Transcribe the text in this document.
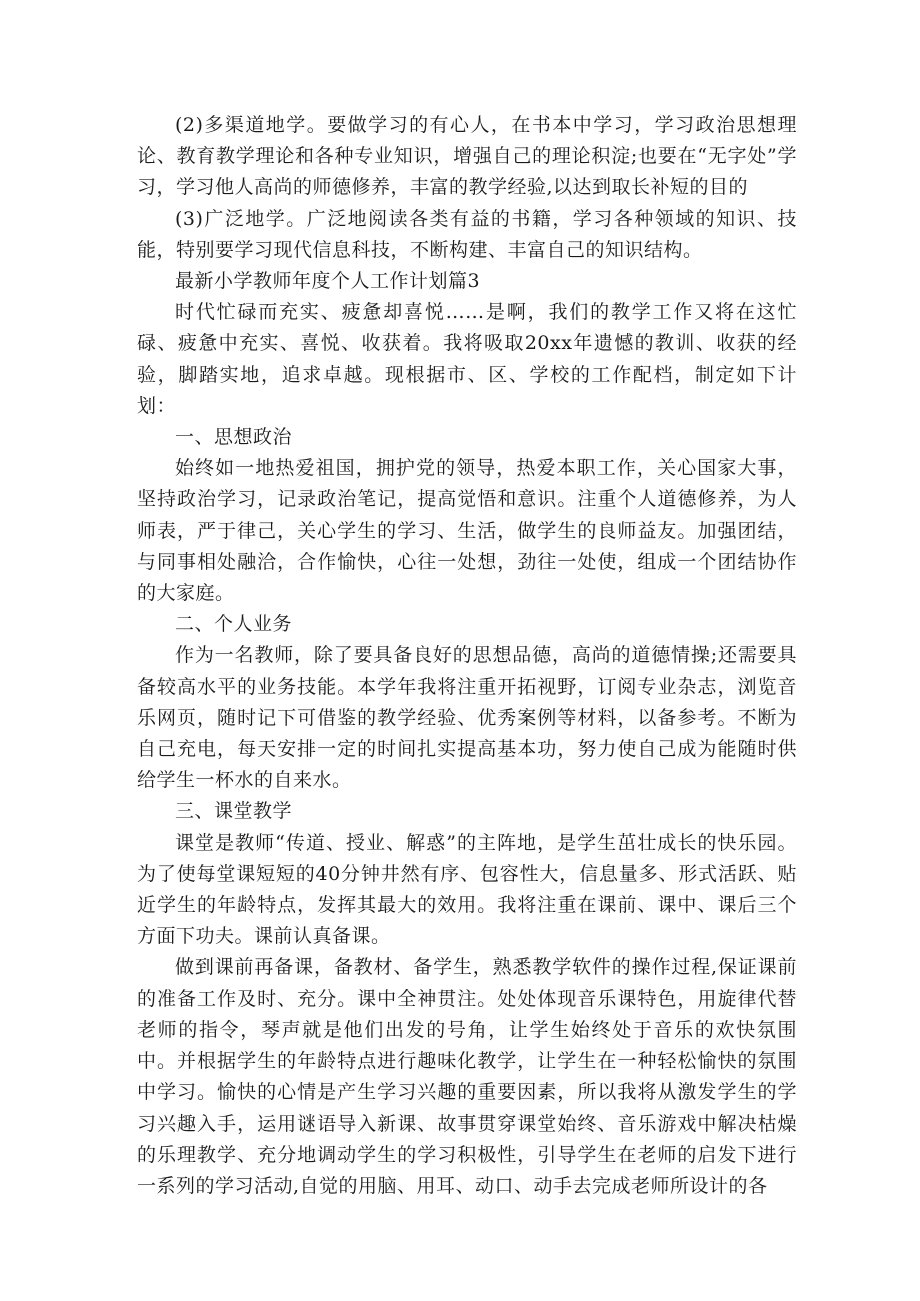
(2)多渠道地学。要做学习的有心人，在书本中学习，学习政治思想理论、教育教学理论和各种专业知识，增强自己的理论积淀;也要在“无字处”学习，学习他人高尚的师德修养，丰富的教学经验,以达到取长补短的目的

(3)广泛地学。广泛地阅读各类有益的书籍，学习各种领域的知识、技能，特别要学习现代信息科技，不断构建、丰富自己的知识结构。

最新小学教师年度个人工作计划篇3

时代忙碌而充实、疲惫却喜悦……是啊，我们的教学工作又将在这忙碌、疲惫中充实、喜悦、收获着。我将吸取20xx年遗憾的教训、收获的经验，脚踏实地，追求卓越。现根据市、区、学校的工作配档，制定如下计划：

一、思想政治

始终如一地热爱祖国，拥护党的领导，热爱本职工作，关心国家大事，坚持政治学习，记录政治笔记，提高觉悟和意识。注重个人道德修养，为人师表，严于律己，关心学生的学习、生活，做学生的良师益友。加强团结，与同事相处融洽，合作愉快，心往一处想，劲往一处使，组成一个团结协作的大家庭。

二、个人业务

作为一名教师，除了要具备良好的思想品德，高尚的道德情操;还需要具备较高水平的业务技能。本学年我将注重开拓视野，订阅专业杂志，浏览音乐网页，随时记下可借鉴的教学经验、优秀案例等材料，以备参考。不断为自己充电，每天安排一定的时间扎实提高基本功，努力使自己成为能随时供给学生一杯水的自来水。

三、课堂教学

课堂是教师“传道、授业、解惑”的主阵地，是学生茁壮成长的快乐园。为了使每堂课短短的40分钟井然有序、包容性大，信息量多、形式活跃、贴近学生的年龄特点，发挥其最大的效用。我将注重在课前、课中、课后三个方面下功夫。课前认真备课。

做到课前再备课，备教材、备学生，熟悉教学软件的操作过程,保证课前的准备工作及时、充分。课中全神贯注。处处体现音乐课特色，用旋律代替老师的指令，琴声就是他们出发的号角，让学生始终处于音乐的欢快氛围中。并根据学生的年龄特点进行趣味化教学，让学生在一种轻松愉快的氛围中学习。愉快的心情是产生学习兴趣的重要因素，所以我将从激发学生的学习兴趣入手，运用谜语导入新课、故事贯穿课堂始终、音乐游戏中解决枯燥的乐理教学、充分地调动学生的学习积极性，引导学生在老师的启发下进行一系列的学习活动,自觉的用脑、用耳、动口、动手去完成老师所设计的各
